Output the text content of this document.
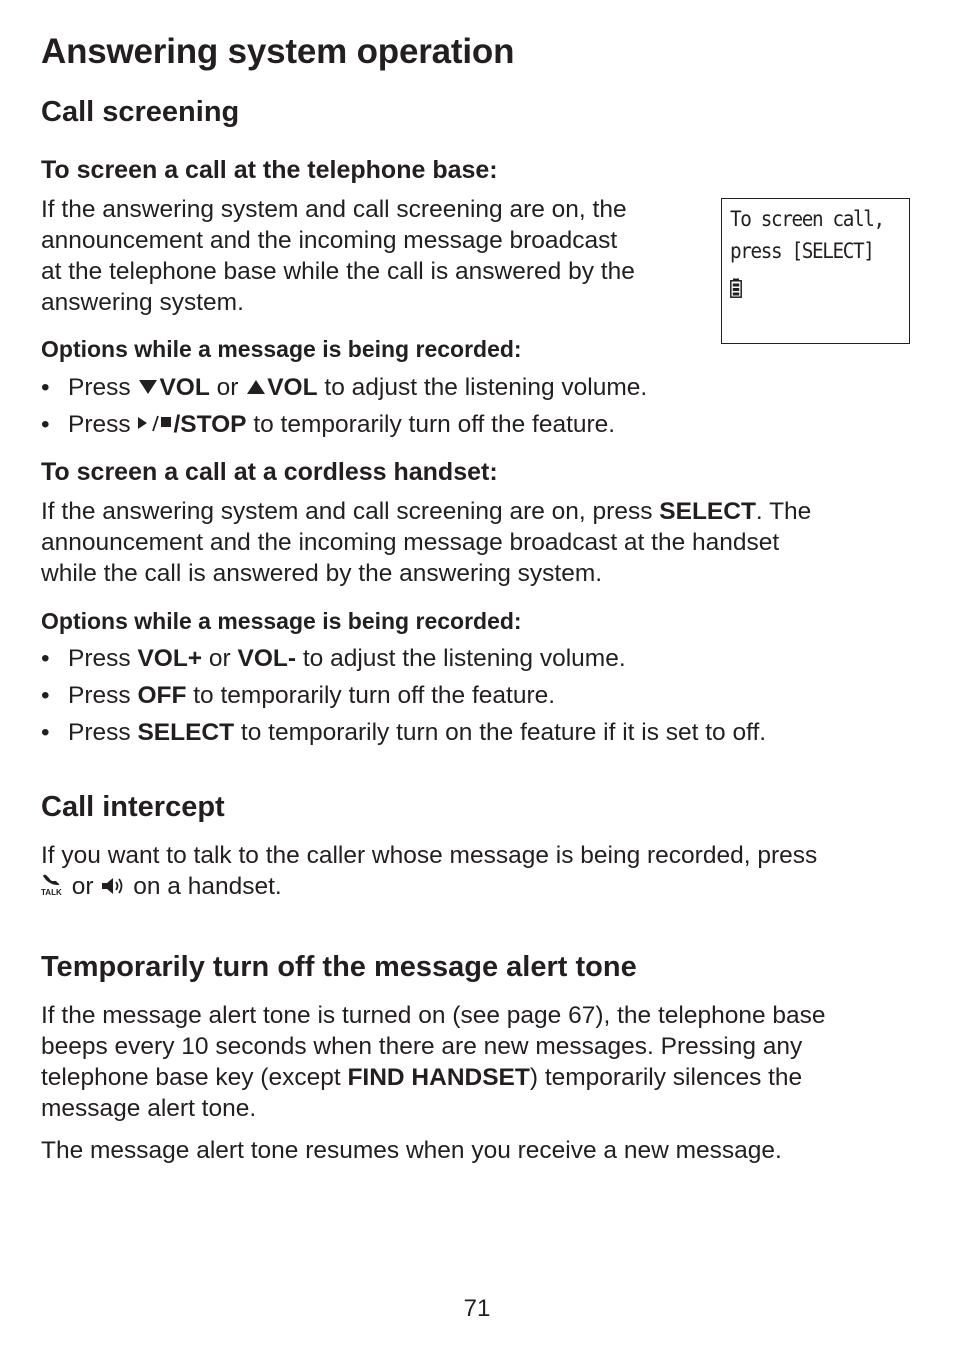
Answering system operation
Call screening
To screen a call at the telephone base:
If the answering system and call screening are on, the
announcement and the incoming message broadcast
at the telephone base while the call is answered by the
answering system.
To screen call,
press [SELECT]
Options while a message is being recorded:
• Press VOL or VOL to adjust the listening volume.
• Press /STOP to temporarily turn off the feature.
To screen a call at a cordless handset:
If the answering system and call screening are on, press SELECT. The
announcement and the incoming message broadcast at the handset
while the call is answered by the answering system.
Options while a message is being recorded:
• Press VOL+ or VOL- to adjust the listening volume.
• Press OFF to temporarily turn off the feature.
• Press SELECT to temporarily turn on the feature if it is set to off.
Call intercept
If you want to talk to the caller whose message is being recorded, press
TALK or  on a handset.
Temporarily turn off the message alert tone
If the message alert tone is turned on (see page 67), the telephone base
beeps every 10 seconds when there are new messages. Pressing any
telephone base key (except FIND HANDSET) temporarily silences the
message alert tone.
The message alert tone resumes when you receive a new message.
71
